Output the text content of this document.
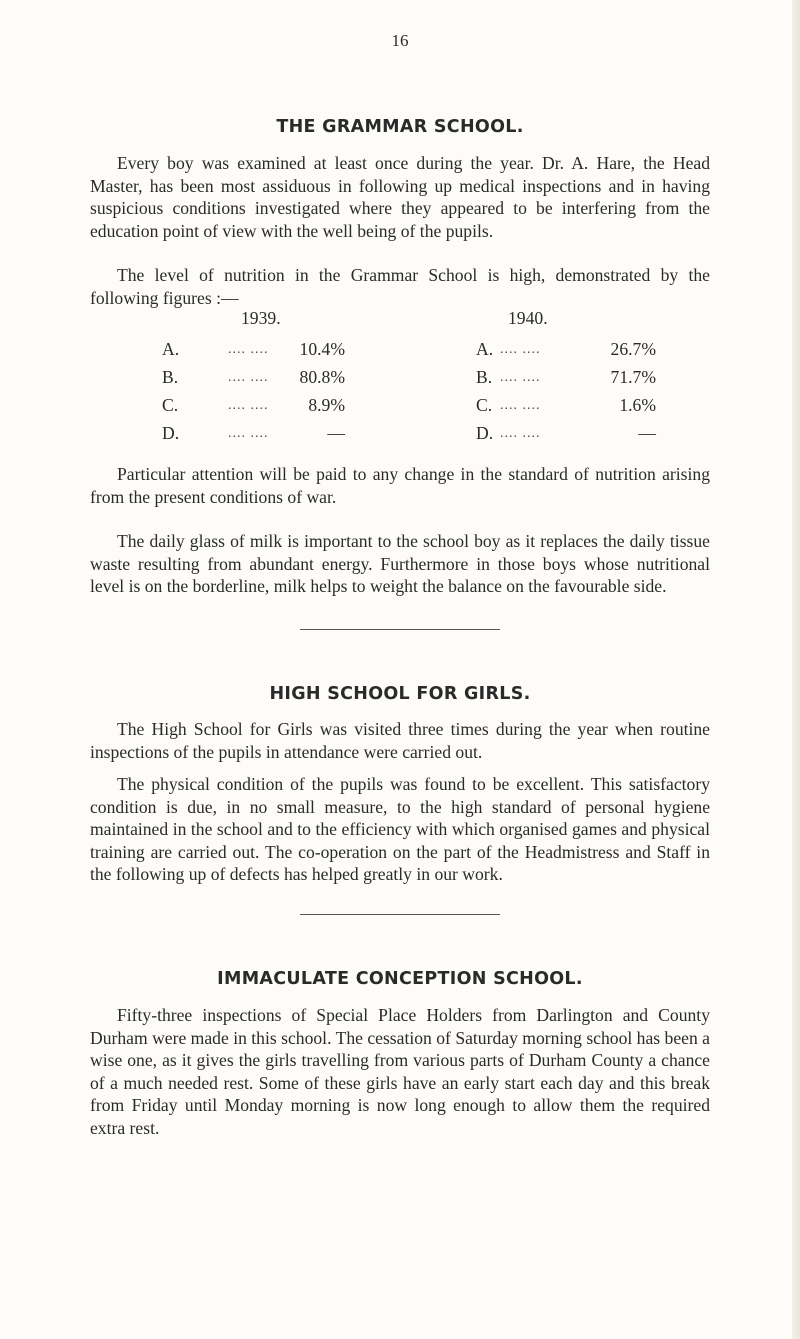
16
THE GRAMMAR SCHOOL.
Every boy was examined at least once during the year. Dr. A. Hare, the Head Master, has been most assiduous in following up medical inspections and in having suspicious conditions investigated where they appeared to be interfering from the education point of view with the well being of the pupils.
The level of nutrition in the Grammar School is high, demonstrated by the following figures :—
1939.	1940.
A.	.... ....	10.4%	A. .... ....	26.7%
B.	.... ....	80.8%	B. .... ....	71.7%
C.	.... ....	8.9%	C. .... ....	1.6%
D.	.... ....	—	D. .... ....	—
Particular attention will be paid to any change in the standard of nutrition arising from the present conditions of war.
The daily glass of milk is important to the school boy as it replaces the daily tissue waste resulting from abundant energy. Furthermore in those boys whose nutritional level is on the borderline, milk helps to weight the balance on the favourable side.
HIGH SCHOOL FOR GIRLS.
The High School for Girls was visited three times during the year when routine inspections of the pupils in attendance were carried out.
The physical condition of the pupils was found to be excellent. This satisfactory condition is due, in no small measure, to the high standard of personal hygiene maintained in the school and to the efficiency with which organised games and physical training are carried out. The co-operation on the part of the Headmistress and Staff in the following up of defects has helped greatly in our work.
IMMACULATE CONCEPTION SCHOOL.
Fifty-three inspections of Special Place Holders from Darlington and County Durham were made in this school. The cessation of Saturday morning school has been a wise one, as it gives the girls travelling from various parts of Durham County a chance of a much needed rest. Some of these girls have an early start each day and this break from Friday until Monday morning is now long enough to allow them the required extra rest.
